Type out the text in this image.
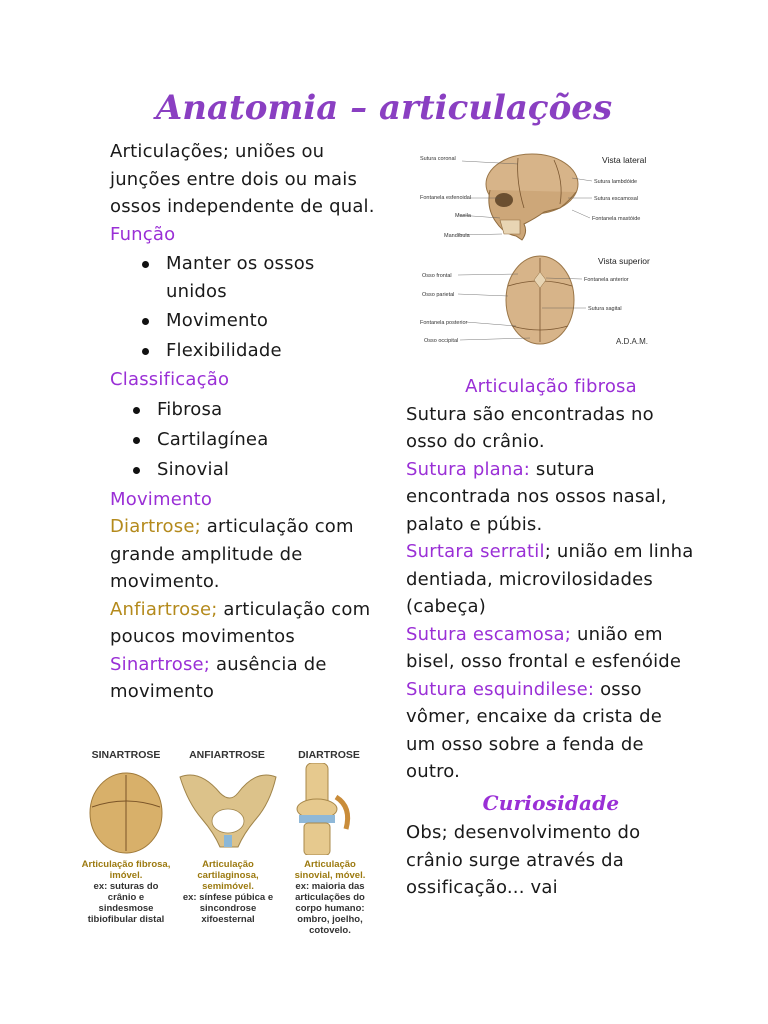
Anatomia – articulações

Articulações; uniões ou junções entre dois ou mais ossos independente de qual.

Função

Manter os ossos unidos
Movimento
Flexibilidade

Classificação

Fibrosa
Cartilagínea
Sinovial

Movimento

Diartrose; articulação com grande amplitude de movimento.

Anfiartrose; articulação com poucos movimentos

Sinartrose; ausência de movimento

Articulação fibrosa

Sutura são encontradas no osso do crânio.

Sutura plana: sutura encontrada nos ossos nasal, palato e púbis.

Surtara serratil; união em linha dentiada, microvilosidades (cabeça)

Sutura escamosa; união em bisel, osso frontal e esfenóide

Sutura esquindilese: osso vômer, encaixe da crista de um osso sobre a fenda de outro.

Curiosidade

Obs; desenvolvimento do crânio surge através da ossificação... vai

Vista lateral
Sutura coronal
Fontanela esfenoidal
Maxila
Mandíbula
Sutura lambdóide
Sutura escamosal
Fontanela mastóide
Vista superior
Osso frontal
Osso parietal
Fontanela posterior
Osso occipital
Fontanela anterior
Sutura sagital
A.D.A.M.
SINARTROSE	ANFIARTROSE	DIARTROSE
Articulação fibrosa, imóvel.
ex: suturas do crânio e sindesmose tibiofibular distal
Articulação cartilaginosa, semimóvel.
ex: sínfese púbica e sincondrose xifoesternal
Articulação sinovial, móvel.
ex: maioria das articulações do corpo humano: ombro, joelho, cotovelo.
